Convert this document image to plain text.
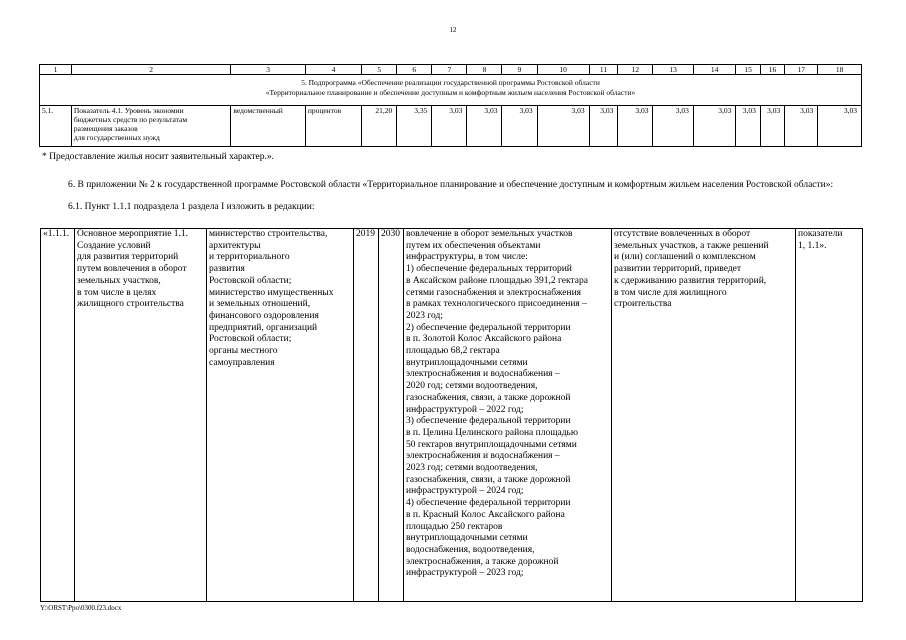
12
1	2	3	4	5	6	7	8	9	10	11	12	13	14	15	16	17	18
5. Подпрограмма «Обеспечение реализации государственной программы Ростовской области
«Территориальное планирование и обеспечение доступным и комфортным жильем населения Ростовской области»																	
5.1.	Показатель 4.1. Уровень экономии
бюджетных средств по результатам
размещения заказов
для государственных нужд	ведомственный	процентов	21,20	3,35	3,03	3,03	3,03	3,03	3,03	3,03	3,03	3,03	3,03	3,03	3,03	3,03
* Предоставление жилья носит заявительный характер.».
6. В приложении № 2 к государственной программе Ростовской области «Территориальное планирование и обеспечение доступным и комфортным жильем населения Ростовской области»:
6.1. Пункт 1.1.1 подраздела 1 раздела I изложить в редакции:
«1.1.1.	Основное мероприятие 1.1.
Создание условий
для развития территорий
путем вовлечения в оборот
земельных участков,
в том числе в целях
жилищного строительства	министерство строительства,
архитектуры
и территориального
развития
Ростовской области;
министерство имущественных
и земельных отношений,
финансового оздоровления
предприятий, организаций
Ростовской области;
органы местного
самоуправления	2019	2030	вовлечение в оборот земельных участков
путем их обеспечения объектами
инфраструктуры, в том числе:
1) обеспечение федеральных территорий
в Аксайском районе площадью 391,2 гектара
сетями газоснабжения и электроснабжения
в рамках технологического присоединения –
2023 год;
2) обеспечение федеральной территории
в п. Золотой Колос Аксайского района
площадью 68,2 гектара
внутриплощадочными сетями
электроснабжения и водоснабжения –
2020 год; сетями водоотведения,
газоснабжения, связи, а также дорожной
инфраструктурой – 2022 год;
3) обеспечение федеральной территории
в п. Целина Целинского района площадью
50 гектаров внутриплощадочными сетями
электроснабжения и водоснабжения –
2023 год; сетями водоотведения,
газоснабжения, связи, а также дорожной
инфраструктурой – 2024 год;
4) обеспечение федеральной территории
в п. Красный Колос Аксайского района
площадью 250 гектаров
внутриплощадочными сетями
водоснабжения, водоотведения,
электроснабжения, а также дорожной
инфраструктурой – 2023 год;	отсутствие вовлеченных в оборот
земельных участков, а также решений
и (или) соглашений о комплексном
развитии территорий, приведет
к сдерживанию развития территорий,
в том числе для жилищного
строительства	показатели
1, 1.1».
Y:\ORST\Ppo\0300.f23.docx
